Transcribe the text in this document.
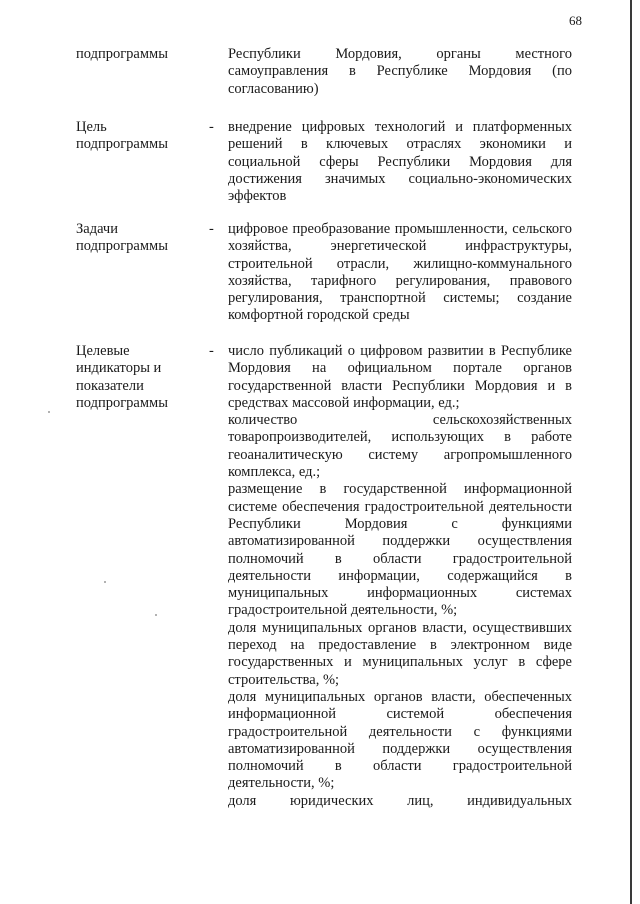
68
подпрограммы	Республики Мордовия, органы местного самоуправления в Республике Мордовия (по согласованию)

Цель
подпрограммы
- внедрение цифровых технологий и платформенных решений в ключевых отраслях экономики и социальной сферы Республики Мордовия для достижения значимых социально-экономических эффектов

Задачи
подпрограммы
- цифровое преобразование промышленности, сельского хозяйства, энергетической инфраструктуры, строительной отрасли, жилищно-коммунального хозяйства, тарифного регулирования, правового регулирования, транспортной системы; создание комфортной городской среды

Целевые
индикаторы и
показатели
подпрограммы
- число публикаций о цифровом развитии в Республике Мордовия на официальном портале органов государственной власти Республики Мордовия и в средствах массовой информации, ед.;

количество сельскохозяйственных товаропроизводителей, использующих в работе геоаналитическую систему агропромышленного комплекса, ед.;

размещение в государственной информационной системе обеспечения градостроительной деятельности Республики Мордовия с функциями автоматизированной поддержки осуществления полномочий в области градостроительной деятельности информации, содержащийся в муниципальных информационных системах градостроительной деятельности, %;

доля муниципальных органов власти, осуществивших переход на предоставление в электронном виде государственных и муниципальных услуг в сфере строительства, %;

доля муниципальных органов власти, обеспеченных информационной системой обеспечения градостроительной деятельности с функциями автоматизированной поддержки осуществления полномочий в области градостроительной деятельности, %;

доля юридических лиц, индивидуальных
